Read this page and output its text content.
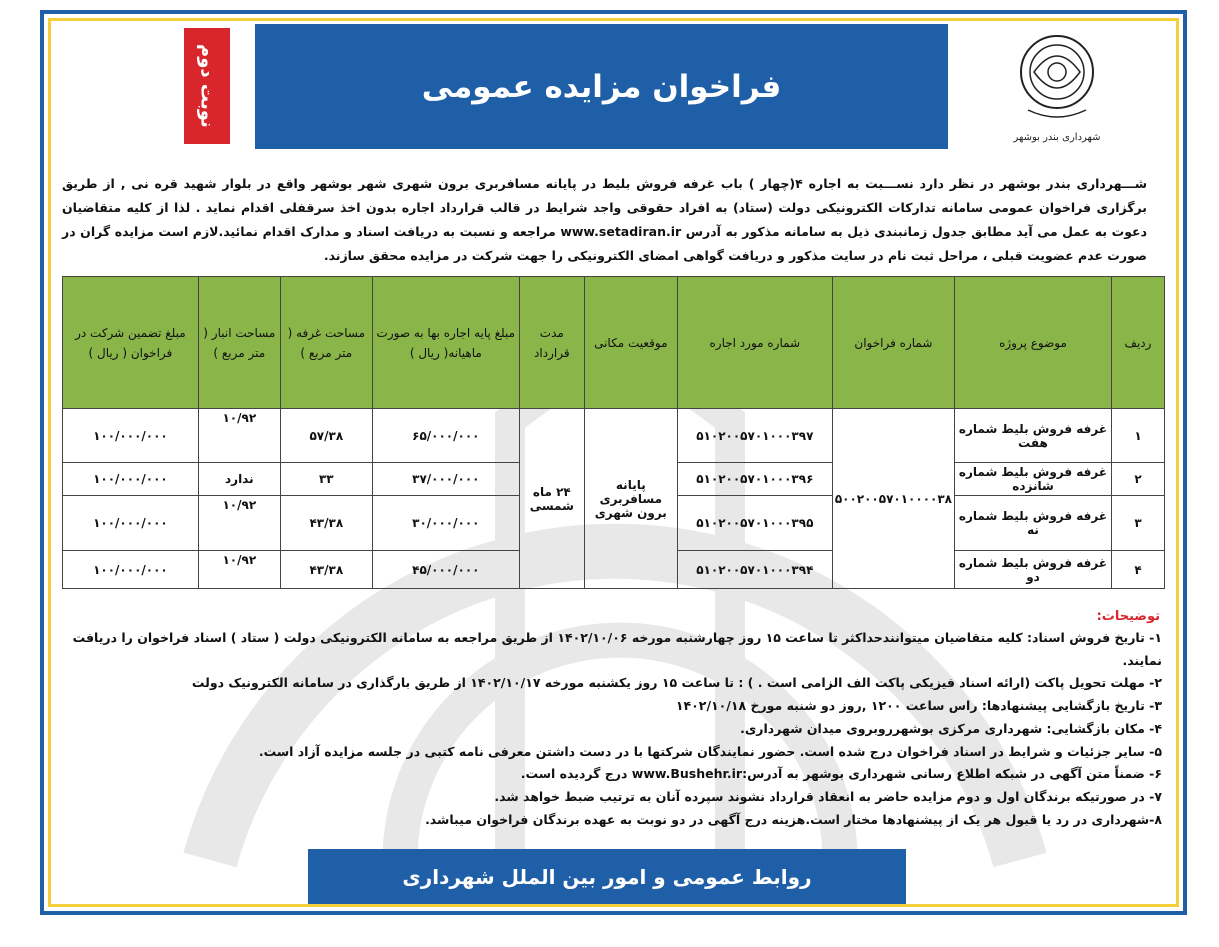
شهرداری بندر بوشهر
فراخوان مزایده عمومی
نوبت دوم
شـــهرداری بندر بوشهر در نظر دارد نســـبت به اجاره ۴(چهار ) باب غرفه فروش بلیط در پایانه مسافربری برون شهری شهر بوشهر واقع در بلوار شهید قره نی , از طریق برگزاری فراخوان عمومی سامانه تدارکات الکترونیکی دولت (ستاد) به افراد حقوقی واجد شرایط در قالب قرارداد اجاره بدون اخذ سرقفلی اقدام نماید . لذا از کلیه متقاضیان دعوت به عمل می آید مطابق جدول زمانبندی ذیل به سامانه مذکور به آدرس www.setadiran.ir مراجعه و نسبت به دریافت اسناد و مدارک اقدام نمائید.لازم است مزایده گران در صورت عدم عضویت قبلی ، مراحل ثبت نام در سایت مذکور و دریافت گواهی امضای الکترونیکی را جهت شرکت در مزایده محقق سازند.
ردیف	موضوع پروژه	شماره فراخوان	شماره مورد اجاره	موقعیت مکانی	مدت قرارداد	مبلغ پایه اجاره بها به صورت ماهیانه( ریال )	مساحت غرفه ( متر مربع )	مساحت انبار ( متر مربع )	مبلغ تضمین شرکت در فراخوان ( ریال )
۱	غرفه فروش بلیط شماره هفت	۵۰۰۲۰۰۵۷۰۱۰۰۰۰۳۸	۵۱۰۲۰۰۵۷۰۱۰۰۰۳۹۷	پایانه مسافربری برون شهری	۲۴ ماه شمسی	۶۵/۰۰۰/۰۰۰	۵۷/۳۸	۱۰/۹۲	۱۰۰/۰۰۰/۰۰۰
۲	غرفه فروش بلیط شماره شانزده		۵۱۰۲۰۰۵۷۰۱۰۰۰۳۹۶			۳۷/۰۰۰/۰۰۰	۳۳	ندارد	۱۰۰/۰۰۰/۰۰۰
۳	غرفه فروش بلیط شماره نه		۵۱۰۲۰۰۵۷۰۱۰۰۰۳۹۵			۳۰/۰۰۰/۰۰۰	۴۳/۳۸	۱۰/۹۲	۱۰۰/۰۰۰/۰۰۰
۴	غرفه فروش بلیط شماره دو		۵۱۰۲۰۰۵۷۰۱۰۰۰۳۹۴			۴۵/۰۰۰/۰۰۰	۴۳/۳۸	۱۰/۹۲	۱۰۰/۰۰۰/۰۰۰
توضیحات:
۱- تاریخ فروش اسناد: کلیه متقاضیان میتوانندحداکثر تا ساعت ۱۵ روز چهارشنبه مورخه ۱۴۰۲/۱۰/۰۶ از طریق مراجعه به سامانه الکترونیکی دولت ( ستاد ) اسناد فراخوان را دریافت نمایند.
۲- مهلت تحویل پاکت (ارائه اسناد فیزیکی پاکت الف الزامی است . ) : تا ساعت ۱۵ روز یکشنبه مورخه ۱۴۰۲/۱۰/۱۷ از طریق بارگذاری در سامانه الکترونیک دولت
۳- تاریخ بازگشایی پیشنهادها: راس ساعت ۱۲۰۰ ,روز دو شنبه مورخ ۱۴۰۲/۱۰/۱۸
۴- مکان بازگشایی: شهرداری مرکزی بوشهرروبروی میدان شهرداری.
۵- سایر جزئیات و شرایط در اسناد فراخوان درج شده است. حضور نمایندگان شرکتها با در دست داشتن معرفی نامه کتبی در جلسه مزایده آزاد است.
۶- ضمناً متن آگهی در شبکه اطلاع رسانی شهرداری بوشهر به آدرس:www.Bushehr.ir درج گردیده است.
۷- در صورتیکه برندگان اول و دوم مزایده حاضر به انعقاد قرارداد نشوند سپرده آنان به ترتیب ضبط خواهد شد.
۸-شهرداری در رد یا قبول هر یک از پیشنهادها مختار است.هزینه درج آگهی در دو نوبت به عهده برندگان فراخوان میباشد.
روابط عمومی و امور بین الملل شهرداری
